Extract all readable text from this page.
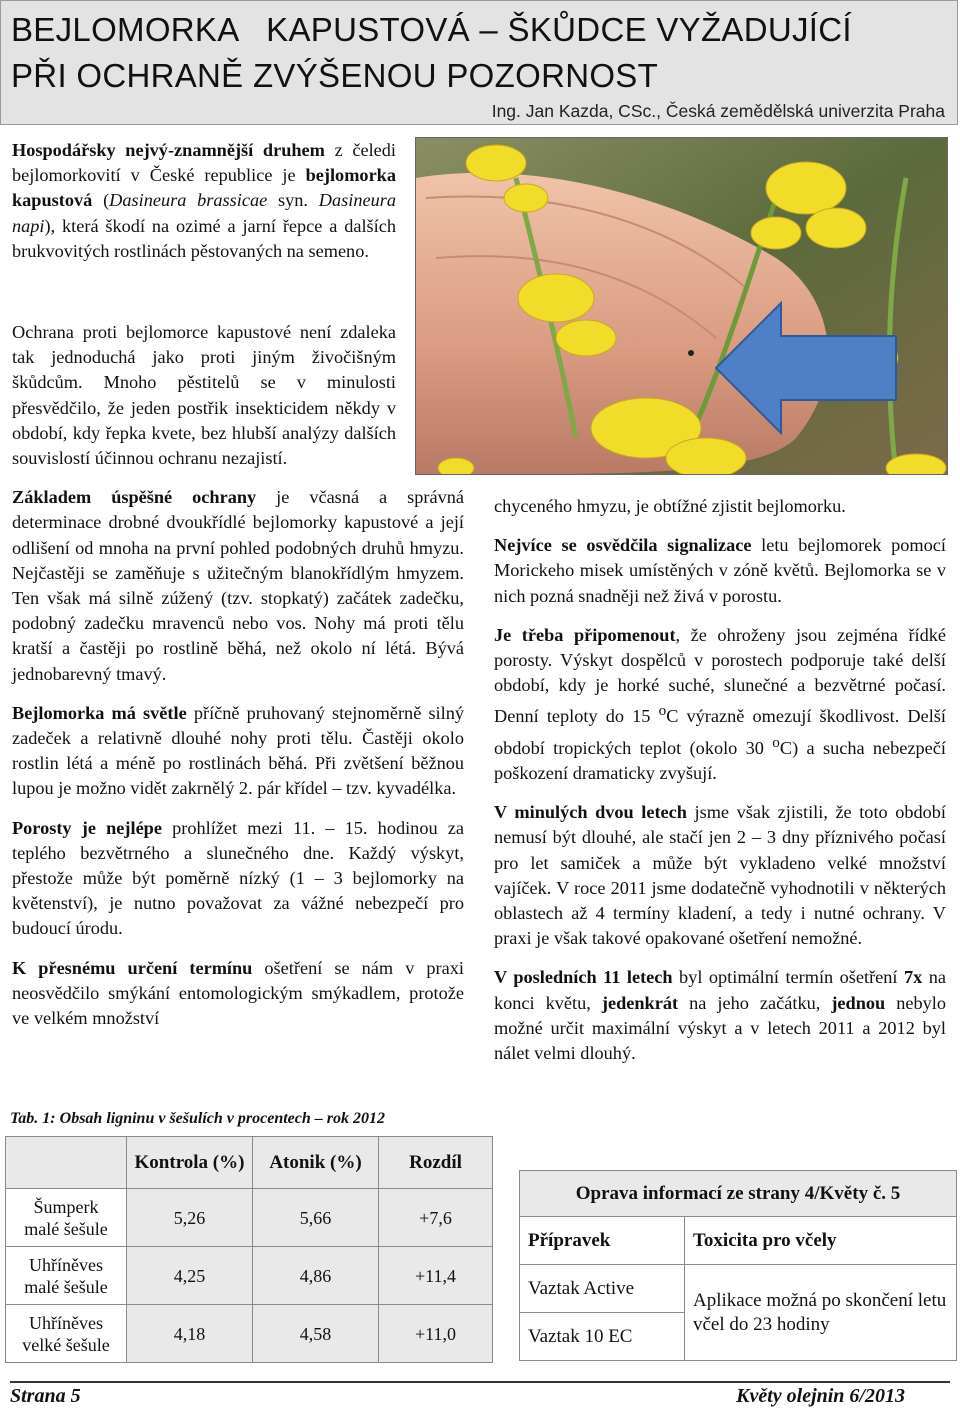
BEJLOMORKA   KAPUSTOVÁ – ŠKŮDCE VYŽADUJÍCÍ
PŘI OCHRANĚ ZVÝŠENOU POZORNOST
Ing. Jan Kazda, CSc., Česká zemědělská univerzita Praha

Hospodářsky nejvý-znamnější druhem z čeledi bejlomorkovití v České republice je bejlomorka kapustová (Dasineura brassicae syn. Dasineura napi), která škodí na ozimé a jarní řepce a dalších brukvovitých rostlinách pěstovaných na semeno.

Ochrana proti bejlomorce kapustové není zdaleka tak jednoduchá jako proti jiným živočišným škůdcům. Mnoho pěstitelů se v minulosti přesvědčilo, že jeden postřik insekticidem někdy v období, kdy řepka kvete, bez hlubší analýzy dalších souvislostí účinnou ochranu nezajistí.

Základem úspěšné ochrany je včasná a správná determinace drobné dvoukřídlé bejlomorky kapustové a její odlišení od mnoha na první pohled podobných druhů hmyzu. Nejčastěji se zaměňuje s užitečným blanokřídlým hmyzem. Ten však má silně zúžený (tzv. stopkatý) začátek zadečku, podobný zadečku mravenců nebo vos. Nohy má proti tělu kratší a častěji po rostlině běhá, než okolo ní létá. Bývá jednobarevný tmavý.

Bejlomorka má světle příčně pruhovaný stejnoměrně silný zadeček a relativně dlouhé nohy proti tělu. Častěji okolo rostlin létá a méně po rostlinách běhá. Při zvětšení běžnou lupou je možno vidět zakrnělý 2. pár křídel – tzv. kyvadélka.

Porosty je nejlépe prohlížet mezi 11. – 15. hodinou za teplého bezvětrného a slunečného dne. Každý výskyt, přestože může být poměrně nízký (1 – 3 bejlomorky na květenství), je nutno považovat za vážné nebezpečí pro budoucí úrodu.

K přesnému určení termínu ošetření se nám v praxi neosvědčilo smýkání entomologickým smýkadlem, protože ve velkém množství

chyceného hmyzu, je obtížné zjistit bejlomorku.

Nejvíce se osvědčila signalizace letu bejlomorek pomocí Morickeho misek umístěných v zóně květů. Bejlomorka se v nich pozná snadněji než živá v porostu.

Je třeba připomenout, že ohroženy jsou zejména řídké porosty. Výskyt dospělců v porostech podporuje také delší období, kdy je horké suché, slunečné a bezvětrné počasí. Denní teploty do 15 $^o$C výrazně omezují škodlivost. Delší období tropických teplot (okolo 30 $^o$C) a sucha nebezpečí poškození dramaticky zvyšují.

V minulých dvou letech jsme však zjistili, že toto období nemusí být dlouhé, ale stačí jen 2 – 3 dny příznivého počasí pro let samiček a může být vykladeno velké množství vajíček. V roce 2011 jsme dodatečně vyhodnotili v některých oblastech až 4 termíny kladení, a tedy i nutné ochrany. V praxi je však takové opakované ošetření nemožné.

V posledních 11 letech byl optimální termín ošetření 7x na konci květu, jedenkrát na jeho začátku, jednou nebylo možné určit maximální výskyt a v letech 2011 a 2012 byl nálet velmi dlouhý.

Tab. 1: Obsah ligninu v šešulích v procentech – rok 2012
	Kontrola (%)	Atonik (%)	Rozdíl
Šumperk
malé šešule	5,26	5,66	+7,6
Uhříněves
malé šešule	4,25	4,86	+11,4
Uhříněves
velké šešule	4,18	4,58	+11,0
Oprava informací ze strany 4/Květy č. 5	
Přípravek	Toxicita pro včely
Vaztak Active	Aplikace možná po skončení letu včel do 23 hodiny
Vaztak 10 EC	
Strana 5	Květy olejnin 6/2013
